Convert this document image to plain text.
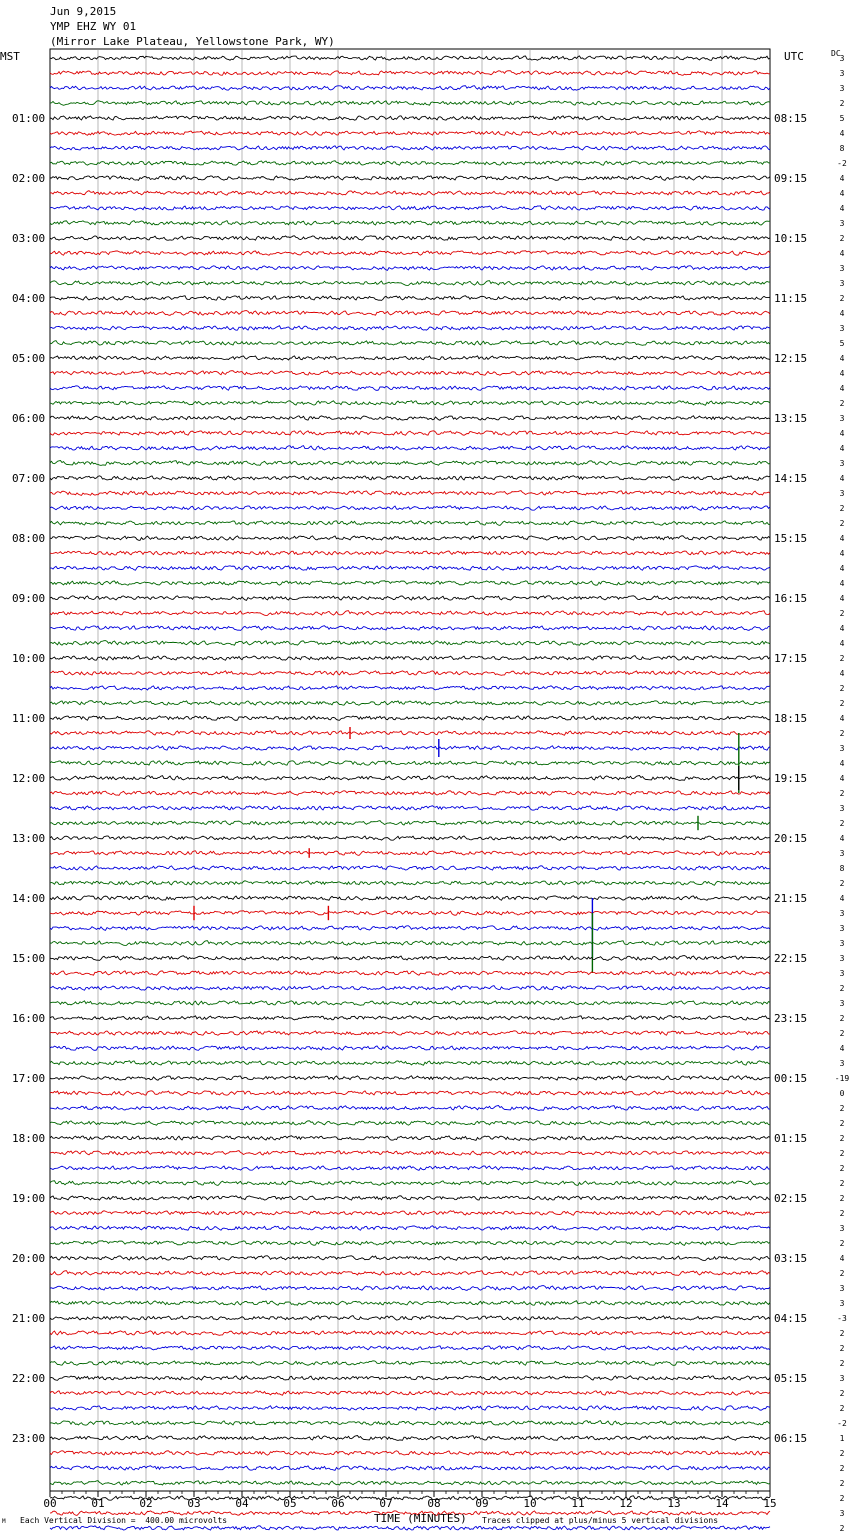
Jun 9,2015
YMP EHZ WY 01
(Mirror Lake Plateau, Yellowstone Park, WY)
00	01	02	03	04	05	06	07	08	09	10	11	12	13	14	15
3
3
3
2
5
4
8
-2
4
4
4
3
2
4
3
3
2
4
3
5
4
4
4
2
3
4
4
3
4
3
2
2
4
4
4
4
4
2
4
4
2
4
2
2
4
2
3
4
4
2
3
2
4
3
8
2
4
3
3
3
3
3
2
3
2
2
4
3
-19
0
2
2
2
2
2
2
2
2
3
2
4
2
3
3
-3
2
2
2
3
2
2
-2
1
2
2
2
2
3
2
MST	UTC	DC
01:00	08:15
02:00	09:15
03:00	10:15
04:00	11:15
05:00	12:15
06:00	13:15
07:00	14:15
08:00	15:15
09:00	16:15
10:00	17:15
11:00	18:15
12:00	19:15
13:00	20:15
14:00	21:15
15:00	22:15
16:00	23:15
17:00	00:15
18:00	01:15
19:00	02:15
20:00	03:15
21:00	04:15
22:00	05:15
23:00	06:15
TIME (MINUTES)
Each Vertical Division =  400.00 microvolts	Traces clipped at plus/minus 5 vertical divisions
M
